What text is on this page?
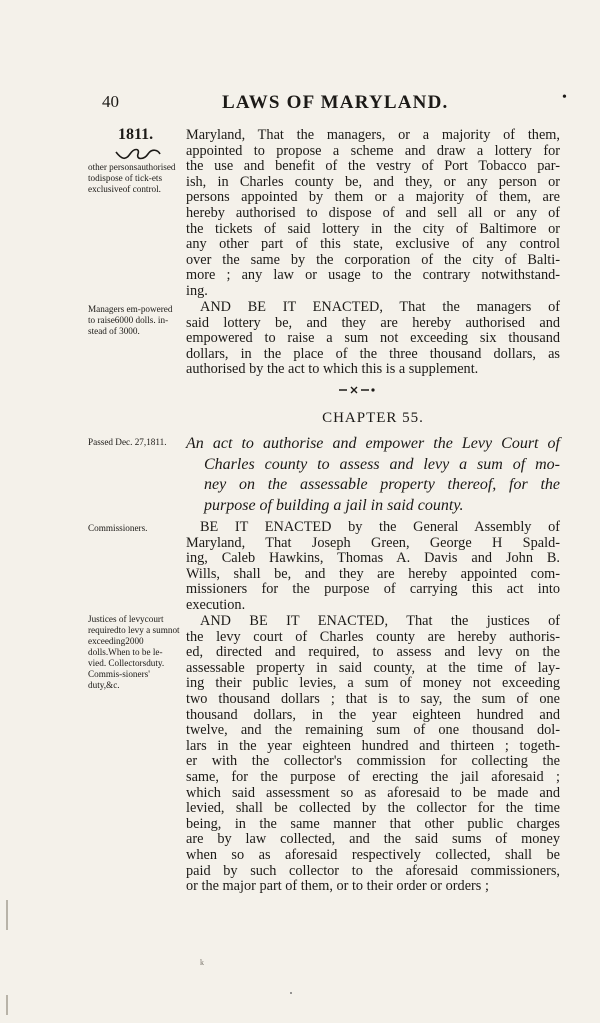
40	LAWS OF MARYLAND.	•
1811.
other personsauthorised todispose of tick-ets exclusiveof control.
Managers em-powered to raise6000 dolls. in-stead of 3000.
Passed Dec. 27,1811.
Commissioners.
Justices of levycourt requiredto levy a sumnot exceeding2000 dolls.When to be le-vied. Collectorsduty. Commis-sioners' duty,&c.
Maryland, That the managers, or a majority of them,
appointed to propose a scheme and draw a lottery for
the use and benefit of the vestry of Port Tobacco par-
ish, in Charles county be, and they, or any person or
persons appointed by them or a majority of them, are
hereby authorised to dispose of and sell all or any of
the tickets of said lottery in the city of Baltimore or
any other part of this state, exclusive of any control
over the same by the corporation of the city of Balti-
more ; any law or usage to the contrary notwithstand-
ing.
AND BE IT ENACTED, That the managers of
said lottery be, and they are hereby authorised and
empowered to raise a sum not exceeding six thousand
dollars, in the place of the three thousand dollars, as
authorised by the act to which this is a supplement.
CHAPTER 55.
An act to authorise and empower the Levy Court of
Charles county to assess and levy a sum of mo-
ney on the assessable property thereof, for the
purpose of building a jail in said county.
BE IT ENACTED by the General Assembly of
Maryland, That Joseph Green, George H Spald-
ing, Caleb Hawkins, Thomas A. Davis and John B.
Wills, shall be, and they are hereby appointed com-
missioners for the purpose of carrying this act into
execution.
AND BE IT ENACTED, That the justices of
the levy court of Charles county are hereby authoris-
ed, directed and required, to assess and levy on the
assessable property in said county, at the time of lay-
ing their public levies, a sum of money not exceeding
two thousand dollars ; that is to say, the sum of one
thousand dollars, in the year eighteen hundred and
twelve, and the remaining sum of one thousand dol-
lars in the year eighteen hundred and thirteen ; togeth-
er with the collector's commission for collecting the
same, for the purpose of erecting the jail aforesaid ;
which said assessment so as aforesaid to be made and
levied, shall be collected by the collector for the time
being, in the same manner that other public charges
are by law collected, and the said sums of money
when so as aforesaid respectively collected, shall be
paid by such collector to the aforesaid commissioners,
or the major part of them, or to their order or orders ;
k
